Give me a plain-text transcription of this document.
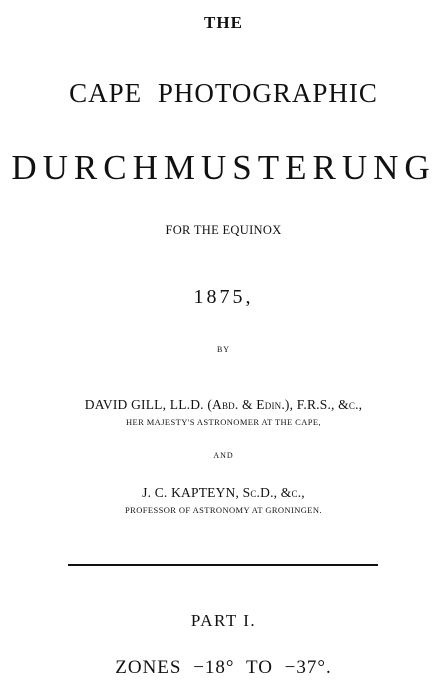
THE
CAPE PHOTOGRAPHIC
DURCHMUSTERUNG
FOR THE EQUINOX
1875,
BY
DAVID GILL, LL.D. (Abd. & Edin.), F.R.S., &c.,
HER MAJESTY'S ASTRONOMER AT THE CAPE,
AND
J. C. KAPTEYN, Sc.D., &c.,
PROFESSOR OF ASTRONOMY AT GRONINGEN.
PART I.
ZONES −18° TO −37°.
